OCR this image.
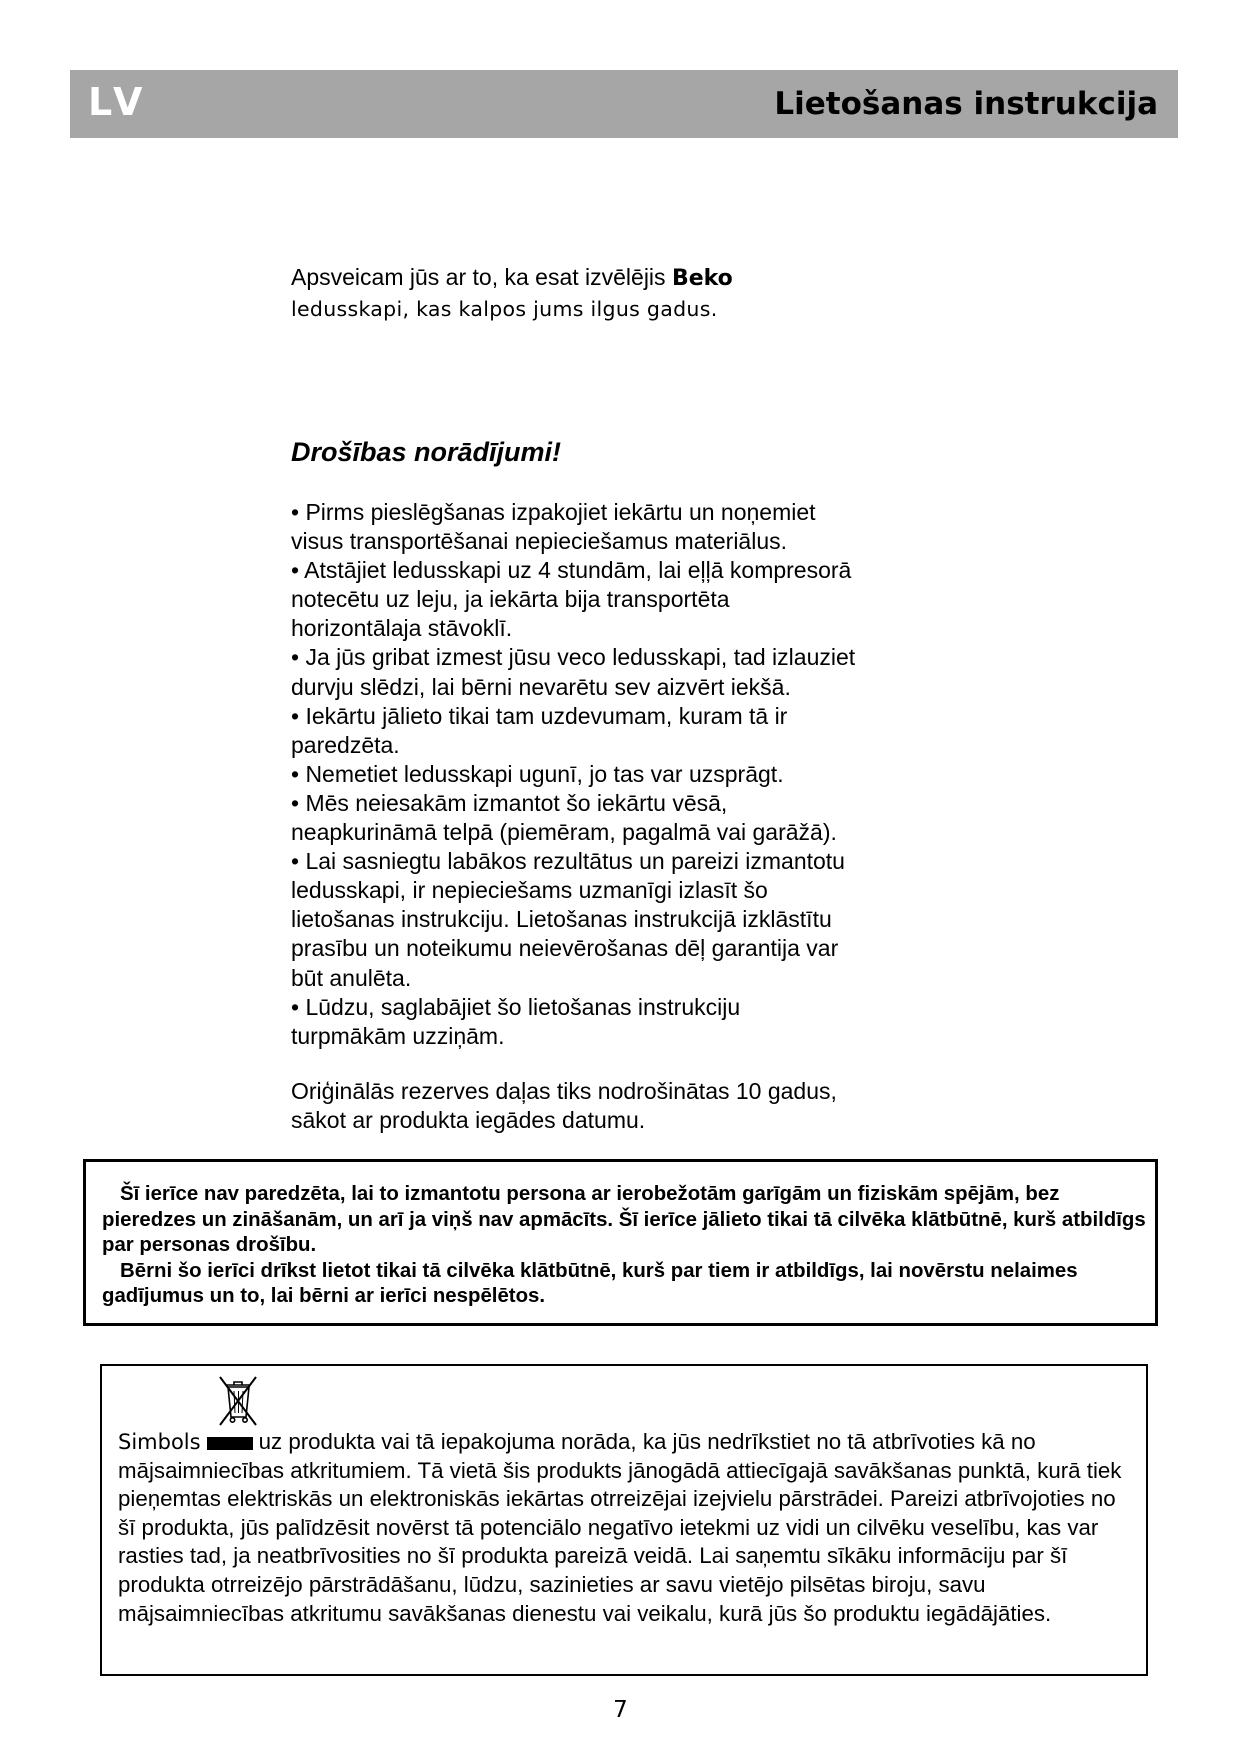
LV	Lietošanas instrukcija
Apsveicam jūs ar to, ka esat izvēlējis Beko
ledusskapi, kas kalpos jums ilgus gadus.
Drošības norādījumi!

• Pirms pieslēgšanas izpakojiet iekārtu un noņemiet

visus transportēšanai nepieciešamus materiālus.

• Atstājiet ledusskapi uz 4 stundām, lai eļļā kompresorā

notecētu uz leju, ja iekārta bija transportēta

horizontālaja stāvoklī.

• Ja jūs gribat izmest jūsu veco ledusskapi, tad izlauziet

durvju slēdzi, lai bērni nevarētu sev aizvērt iekšā.

• Iekārtu jālieto tikai tam uzdevumam, kuram tā ir

paredzēta.

• Nemetiet ledusskapi ugunī, jo tas var uzsprāgt.

• Mēs neiesakām izmantot šo iekārtu vēsā,

neapkurināmā telpā (piemēram, pagalmā vai garāžā).

• Lai sasniegtu labākos rezultātus un pareizi izmantotu

ledusskapi, ir nepieciešams uzmanīgi izlasīt šo

lietošanas instrukciju. Lietošanas instrukcijā izklāstītu

prasību un noteikumu neievērošanas dēļ garantija var

būt anulēta.

• Lūdzu, saglabājiet šo lietošanas instrukciju

turpmākām uzziņām.

Oriģinālās rezerves daļas tiks nodrošinātas 10 gadus,
sākot ar produkta iegādes datumu.

Šī ierīce nav paredzēta, lai to izmantotu persona ar ierobežotām garīgām un fiziskām spējām, bez pieredzes un zināšanām, un arī ja viņš nav apmācīts. Šī ierīce jālieto tikai tā cilvēka klātbūtnē, kurš atbildīgs par personas drošību.

Bērni šo ierīci drīkst lietot tikai tā cilvēka klātbūtnē, kurš par tiem ir atbildīgs, lai novērstu nelaimes gadījumus un to, lai bērni ar ierīci nespēlētos.

Simbols	uz produkta vai tā iepakojuma norāda, ka jūs nedrīkstiet no tā atbrīvoties kā no mājsaimniecības atkritumiem. Tā vietā šis produkts jānogādā attiecīgajā savākšanas punktā, kurā tiek pieņemtas elektriskās un elektroniskās iekārtas otrreizējai izejvielu pārstrādei. Pareizi atbrīvojoties no šī produkta, jūs palīdzēsit novērst tā potenciālo negatīvo ietekmi uz vidi un cilvēku veselību, kas var rasties tad, ja neatbrīvosities no šī produkta pareizā veidā. Lai saņemtu sīkāku informāciju par šī produkta otrreizējo pārstrādāšanu, lūdzu, sazinieties ar savu vietējo pilsētas biroju, savu mājsaimniecības atkritumu savākšanas dienestu vai veikalu, kurā jūs šo produktu iegādājāties.
7
